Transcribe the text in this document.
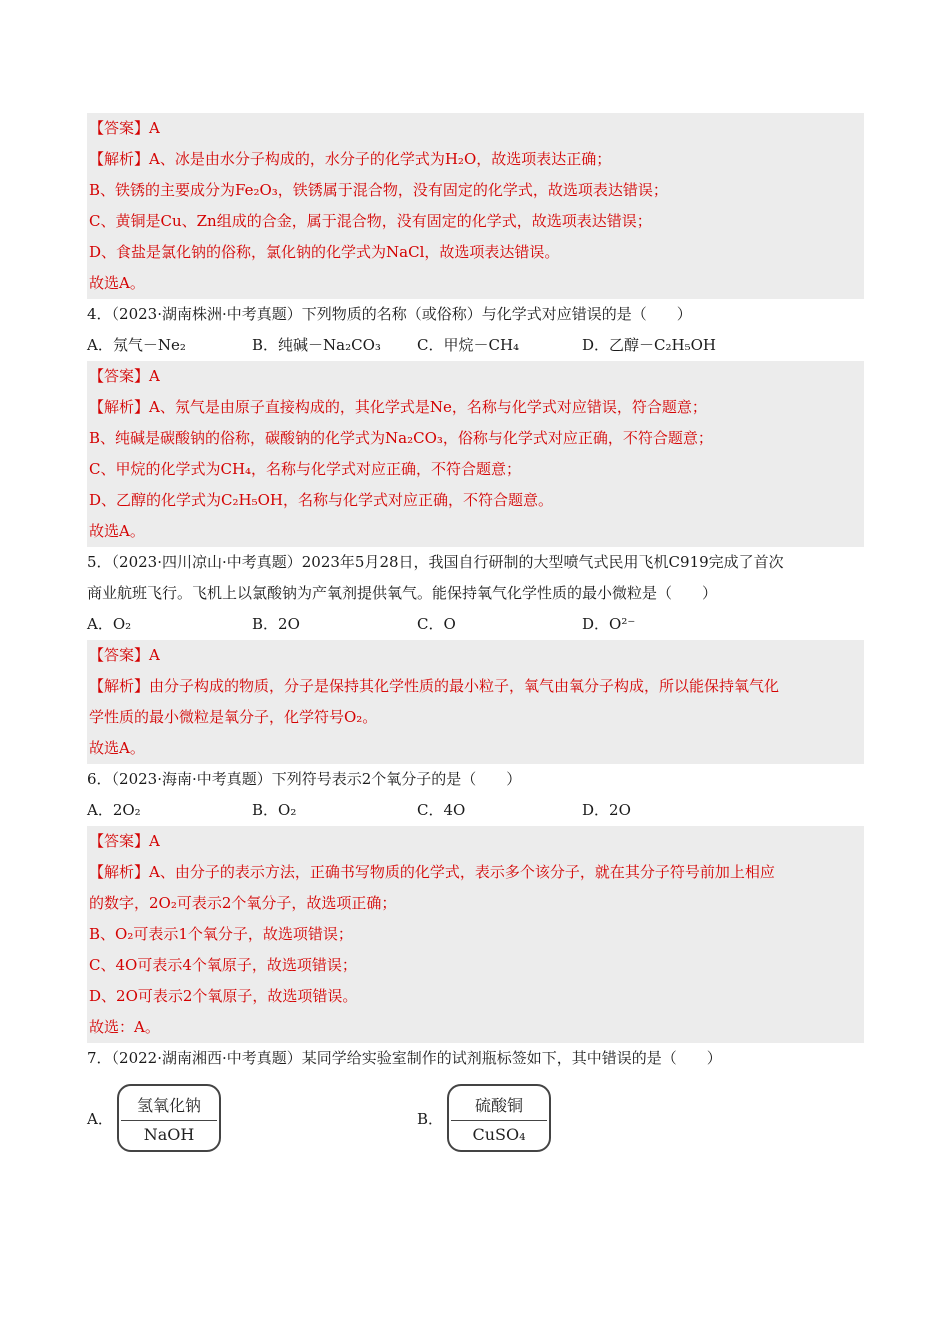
【答案】A
【解析】A、冰是由水分子构成的，水分子的化学式为H₂O，故选项表达正确；
B、铁锈的主要成分为Fe₂O₃，铁锈属于混合物，没有固定的化学式，故选项表达错误；
C、黄铜是Cu、Zn组成的合金，属于混合物，没有固定的化学式，故选项表达错误；
D、食盐是氯化钠的俗称，氯化钠的化学式为NaCl，故选项表达错误。
故选A。
4．（2023·湖南株洲·中考真题）下列物质的名称（或俗称）与化学式对应错误的是（　　）
A．氖气－Ne₂	B．纯碱－Na₂CO₃	C．甲烷－CH₄	D．乙醇－C₂H₅OH
【答案】A
【解析】A、氖气是由原子直接构成的，其化学式是Ne，名称与化学式对应错误，符合题意；
B、纯碱是碳酸钠的俗称，碳酸钠的化学式为Na₂CO₃，俗称与化学式对应正确，不符合题意；
C、甲烷的化学式为CH₄，名称与化学式对应正确，不符合题意；
D、乙醇的化学式为C₂H₅OH，名称与化学式对应正确，不符合题意。
故选A。
5．（2023·四川凉山·中考真题）2023年5月28日，我国自行研制的大型喷气式民用飞机C919完成了首次
商业航班飞行。飞机上以氯酸钠为产氧剂提供氧气。能保持氧气化学性质的最小微粒是（　　）
A．O₂	B．2O	C．O	D．O²⁻
【答案】A
【解析】由分子构成的物质，分子是保持其化学性质的最小粒子，氧气由氧分子构成，所以能保持氧气化
学性质的最小微粒是氧分子，化学符号O₂。
故选A。
6．（2023·海南·中考真题）下列符号表示2个氧分子的是（　　）
A．2O₂	B．O₂	C．4O	D．2O
【答案】A
【解析】A、由分子的表示方法，正确书写物质的化学式，表示多个该分子，就在其分子符号前加上相应
的数字，2O₂可表示2个氧分子，故选项正确；
B、O₂可表示1个氧分子，故选项错误；
C、4O可表示4个氧原子，故选项错误；
D、2O可表示2个氧原子，故选项错误。
故选：A。
7．（2022·湖南湘西·中考真题）某同学给实验室制作的试剂瓶标签如下，其中错误的是（　　）
A．
氢氧化钠
NaOH
B．
硫酸铜
CuSO₄
